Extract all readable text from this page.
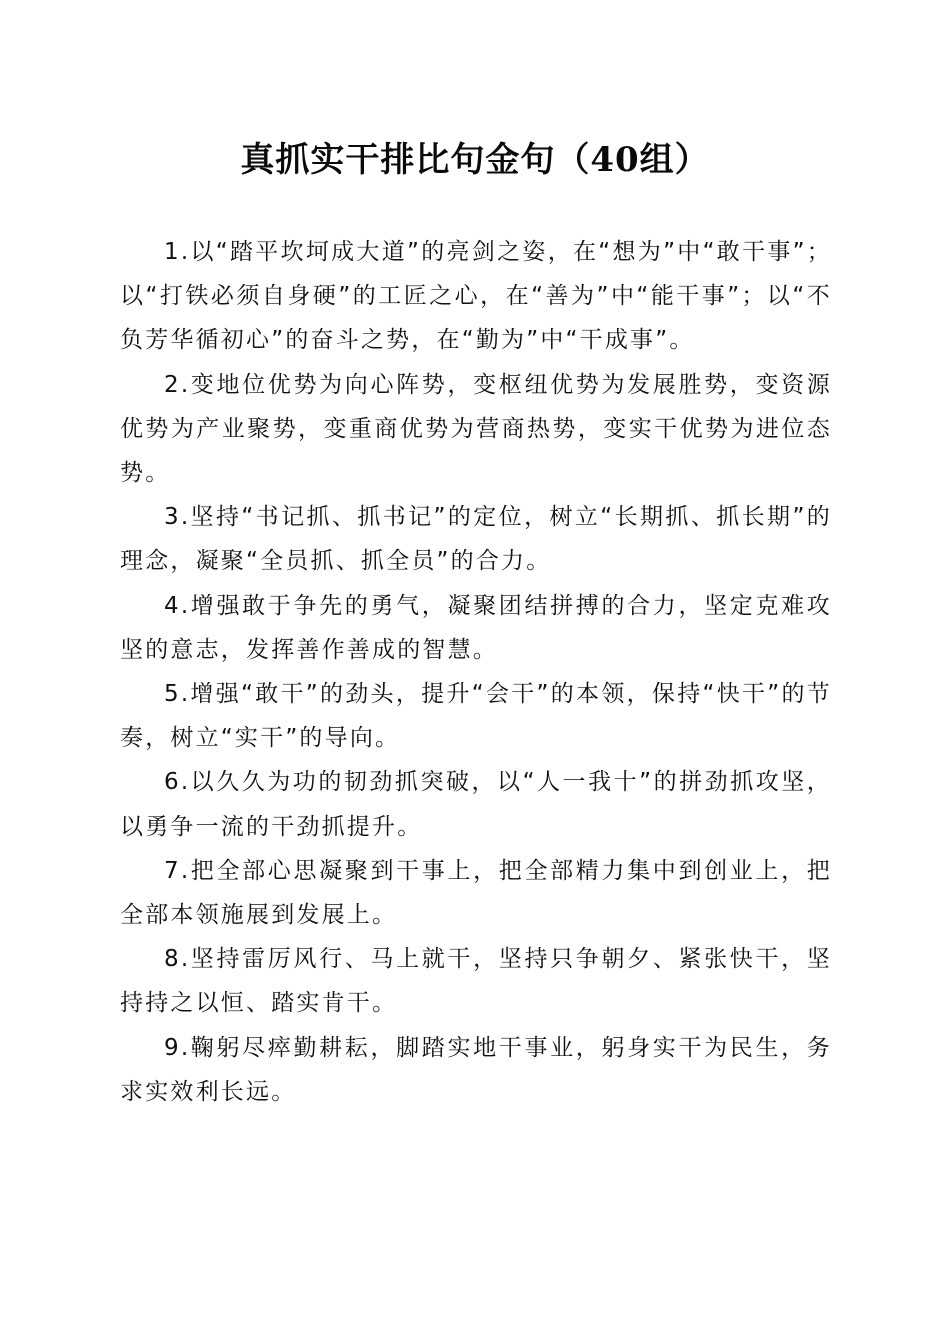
真抓实干排比句金句（40组）

1.以“踏平坎坷成大道”的亮剑之姿，在“想为”中“敢干事”；以“打铁必须自身硬”的工匠之心，在“善为”中“能干事”；以“不负芳华循初心”的奋斗之势，在“勤为”中“干成事”。

2.变地位优势为向心阵势，变枢纽优势为发展胜势，变资源优势为产业聚势，变重商优势为营商热势，变实干优势为进位态势。

3.坚持“书记抓、抓书记”的定位，树立“长期抓、抓长期”的理念，凝聚“全员抓、抓全员”的合力。

4.增强敢于争先的勇气，凝聚团结拼搏的合力，坚定克难攻坚的意志，发挥善作善成的智慧。

5.增强“敢干”的劲头，提升“会干”的本领，保持“快干”的节奏，树立“实干”的导向。

6.以久久为功的韧劲抓突破，以“人一我十”的拼劲抓攻坚，以勇争一流的干劲抓提升。

7.把全部心思凝聚到干事上，把全部精力集中到创业上，把全部本领施展到发展上。

8.坚持雷厉风行、马上就干，坚持只争朝夕、紧张快干，坚持持之以恒、踏实肯干。

9.鞠躬尽瘁勤耕耘，脚踏实地干事业，躬身实干为民生，务求实效利长远。
